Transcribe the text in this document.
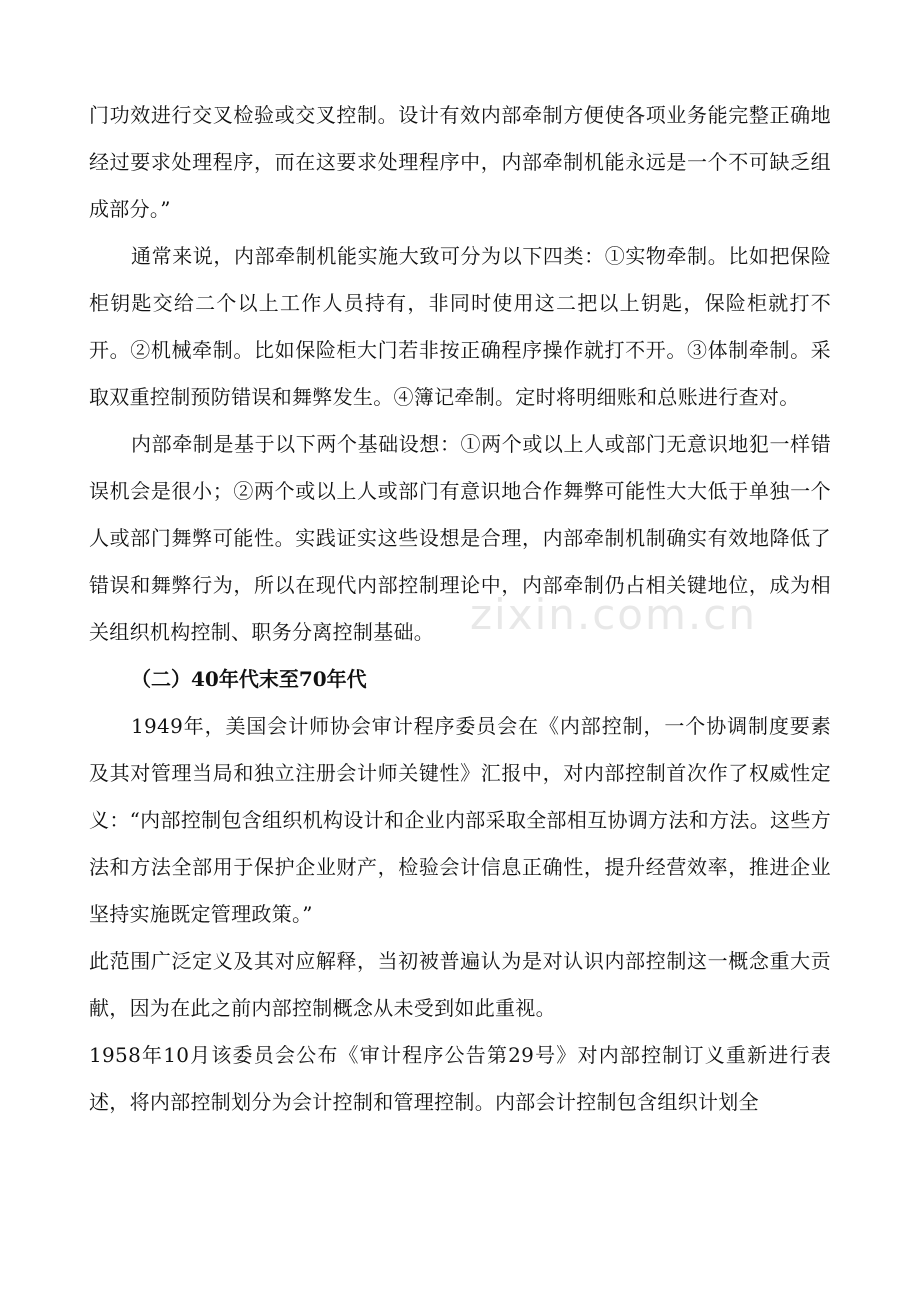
zixin.com.cn

门功效进行交叉检验或交叉控制。设计有效内部牵制方便使各项业务能完整正确地经过要求处理程序，而在这要求处理程序中，内部牵制机能永远是一个不可缺乏组成部分。”

通常来说，内部牵制机能实施大致可分为以下四类：①实物牵制。比如把保险柜钥匙交给二个以上工作人员持有，非同时使用这二把以上钥匙，保险柜就打不开。②机械牵制。比如保险柜大门若非按正确程序操作就打不开。③体制牵制。采取双重控制预防错误和舞弊发生。④簿记牵制。定时将明细账和总账进行查对。

内部牵制是基于以下两个基础设想：①两个或以上人或部门无意识地犯一样错误机会是很小；②两个或以上人或部门有意识地合作舞弊可能性大大低于单独一个人或部门舞弊可能性。实践证实这些设想是合理，内部牵制机制确实有效地降低了错误和舞弊行为，所以在现代内部控制理论中，内部牵制仍占相关键地位，成为相关组织机构控制、职务分离控制基础。

（二）40年代末至70年代

1949年，美国会计师协会审计程序委员会在《内部控制，一个协调制度要素及其对管理当局和独立注册会计师关键性》汇报中，对内部控制首次作了权威性定义：“内部控制包含组织机构设计和企业内部采取全部相互协调方法和方法。这些方法和方法全部用于保护企业财产，检验会计信息正确性，提升经营效率，推进企业坚持实施既定管理政策。”

此范围广泛定义及其对应解释，当初被普遍认为是对认识内部控制这一概念重大贡献，因为在此之前内部控制概念从未受到如此重视。

1958年10月该委员会公布《审计程序公告第29号》对内部控制订义重新进行表述，将内部控制划分为会计控制和管理控制。内部会计控制包含组织计划全
